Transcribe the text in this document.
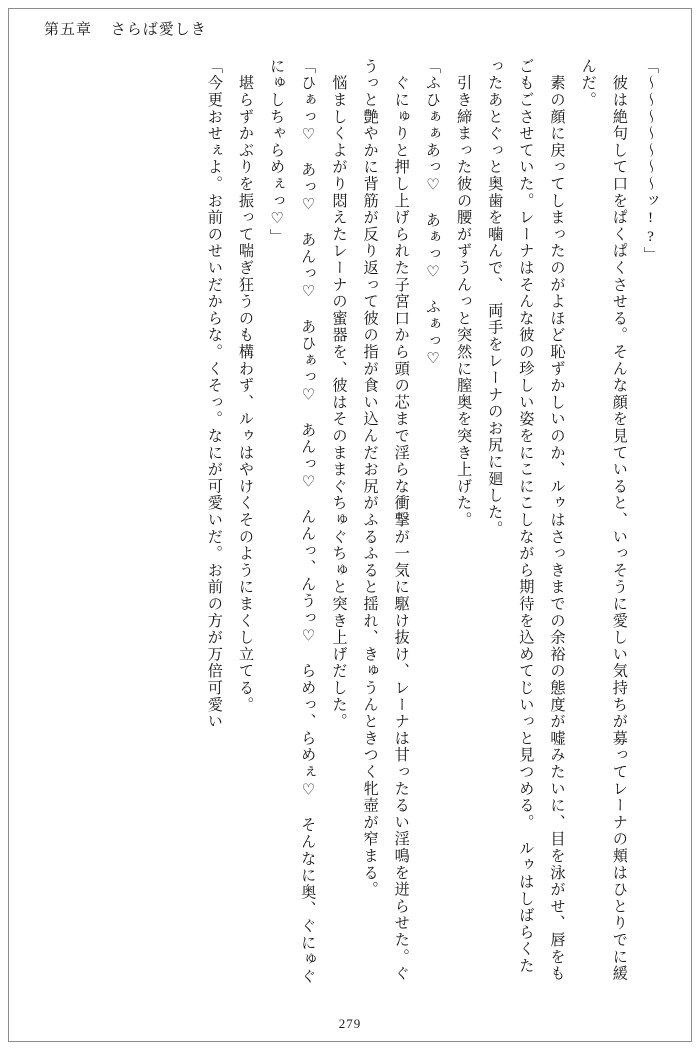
第五章 さらば愛しき

「～～～～～～～ッ!?」

　彼は絶句して口をぱくぱくさせる。そんな顔を見ていると、いっそうに愛しい気持ちが募ってレーナの頬はひとりでに緩んだ。

　素の顔に戻ってしまったのがよほど恥ずかしいのか、ルゥはさっきまでの余裕の態度が嘘みたいに、目を泳がせ、唇をもごもごさせていた。レーナはそんな彼の珍しい姿をにこにこしながら期待を込めてじいっと見つめる。　ルゥはしばらくたったあとぐっと奥歯を噛んで、　両手をレーナのお尻に廻した。

　引き締まった彼の腰がずうんっと突然に膣奥を突き上げた。

「ふひぁぁあっ♡　あぁっ♡　ふぁっ♡

　ぐにゅりと押し上げられた子宮口から頭の芯まで淫らな衝撃が一気に駆け抜け、レーナは甘ったるい淫鳴を迸らせた。ぐうっと艶やかに背筋が反り返って彼の指が食い込んだお尻がふるふると揺れ、きゅうんときつく牝壺が窄まる。

　悩ましくよがり悶えたレーナの蜜器を、彼はそのままぐちゅぐちゅと突き上げだした。

「ひぁっ♡　あっ♡　あんっ♡　あひぁっ♡　あんっ♡　んんっ、んうっ♡　らめっ、らめぇ♡　そんなに奥、ぐにゅぐにゅしちゃらめぇっ♡」

　堪らずかぶりを振って喘ぎ狂うのも構わず、ルゥはやけくそのようにまくし立てる。

「今更おせぇよ。お前のせいだからな。くそっ。なにが可愛いだ。お前の方が万倍可愛い

279
